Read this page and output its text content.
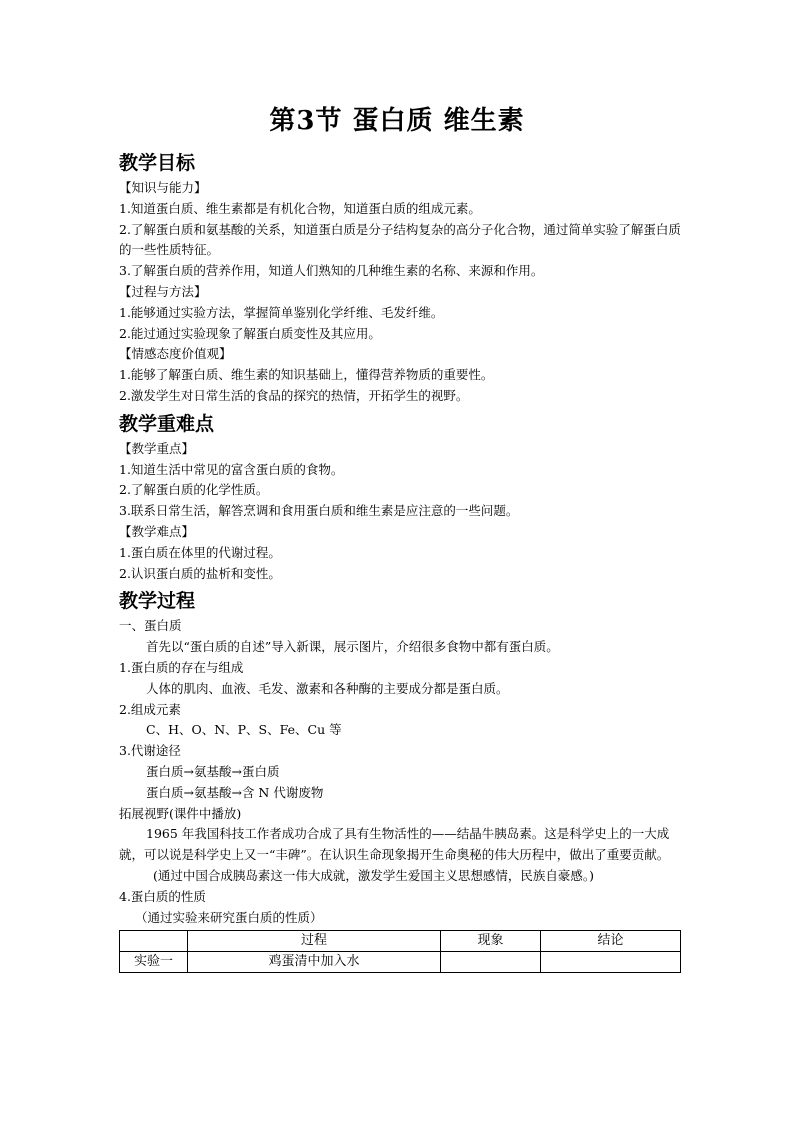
第3节 蛋白质 维生素
教学目标
【知识与能力】
1.知道蛋白质、维生素都是有机化合物，知道蛋白质的组成元素。
2.了解蛋白质和氨基酸的关系，知道蛋白质是分子结构复杂的高分子化合物，通过简单实验了解蛋白质的一些性质特征。
3.了解蛋白质的营养作用，知道人们熟知的几种维生素的名称、来源和作用。
【过程与方法】
1.能够通过实验方法，掌握简单鉴别化学纤维、毛发纤维。
2.能过通过实验现象了解蛋白质变性及其应用。
【情感态度价值观】
1.能够了解蛋白质、维生素的知识基础上，懂得营养物质的重要性。
2.激发学生对日常生活的食品的探究的热情，开拓学生的视野。
教学重难点
【教学重点】
1.知道生活中常见的富含蛋白质的食物。
2.了解蛋白质的化学性质。
3.联系日常生活，解答烹调和食用蛋白质和维生素是应注意的一些问题。
【教学难点】
1.蛋白质在体里的代谢过程。
2.认识蛋白质的盐析和变性。
教学过程
一、蛋白质
首先以“蛋白质的自述”导入新课，展示图片，介绍很多食物中都有蛋白质。
1.蛋白质的存在与组成
人体的肌肉、血液、毛发、激素和各种酶的主要成分都是蛋白质。
2.组成元素
C、H、O、N、P、S、Fe、Cu 等
3.代谢途径
蛋白质→氨基酸→蛋白质
蛋白质→氨基酸→含 N 代谢废物
拓展视野(课件中播放)
1965 年我国科技工作者成功合成了具有生物活性的——结晶牛胰岛素。这是科学史上的一大成就，可以说是科学史上又一“丰碑”。在认识生命现象揭开生命奥秘的伟大历程中，做出了重要贡献。
(通过中国合成胰岛素这一伟大成就，激发学生爱国主义思想感情，民族自豪感。)
4.蛋白质的性质
（通过实验来研究蛋白质的性质）
	过程	现象	结论
实验一	鸡蛋清中加入水		
